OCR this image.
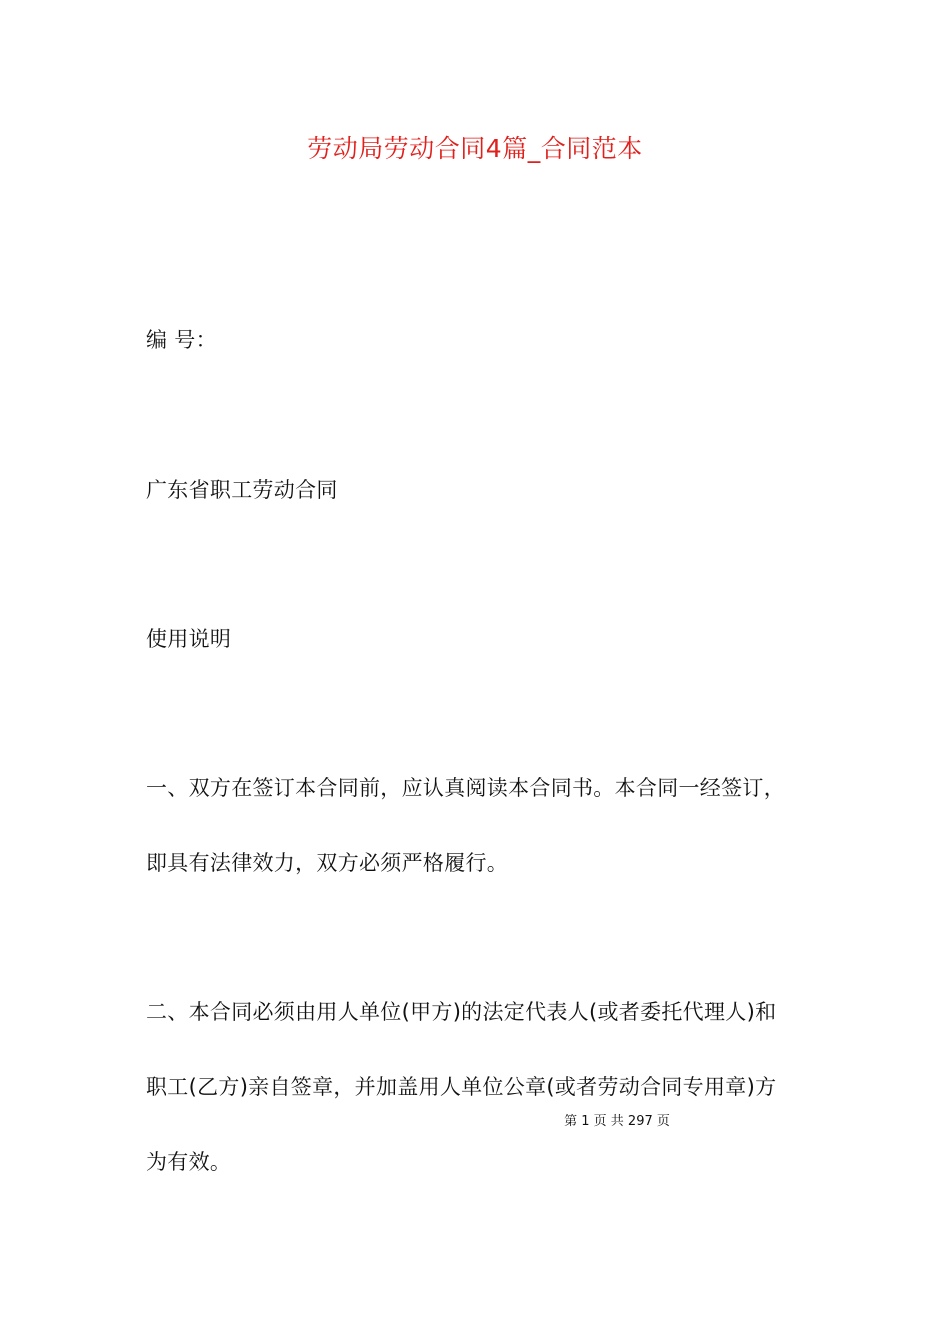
劳动局劳动合同4篇_合同范本
编 号：
广东省职工劳动合同
使用说明
一、双方在签订本合同前，应认真阅读本合同书。本合同一经签订，
即具有法律效力，双方必须严格履行。
二、本合同必须由用人单位(甲方)的法定代表人(或者委托代理人)和
职工(乙方)亲自签章，并加盖用人单位公章(或者劳动合同专用章)方
为有效。
第 1 页 共 297 页
